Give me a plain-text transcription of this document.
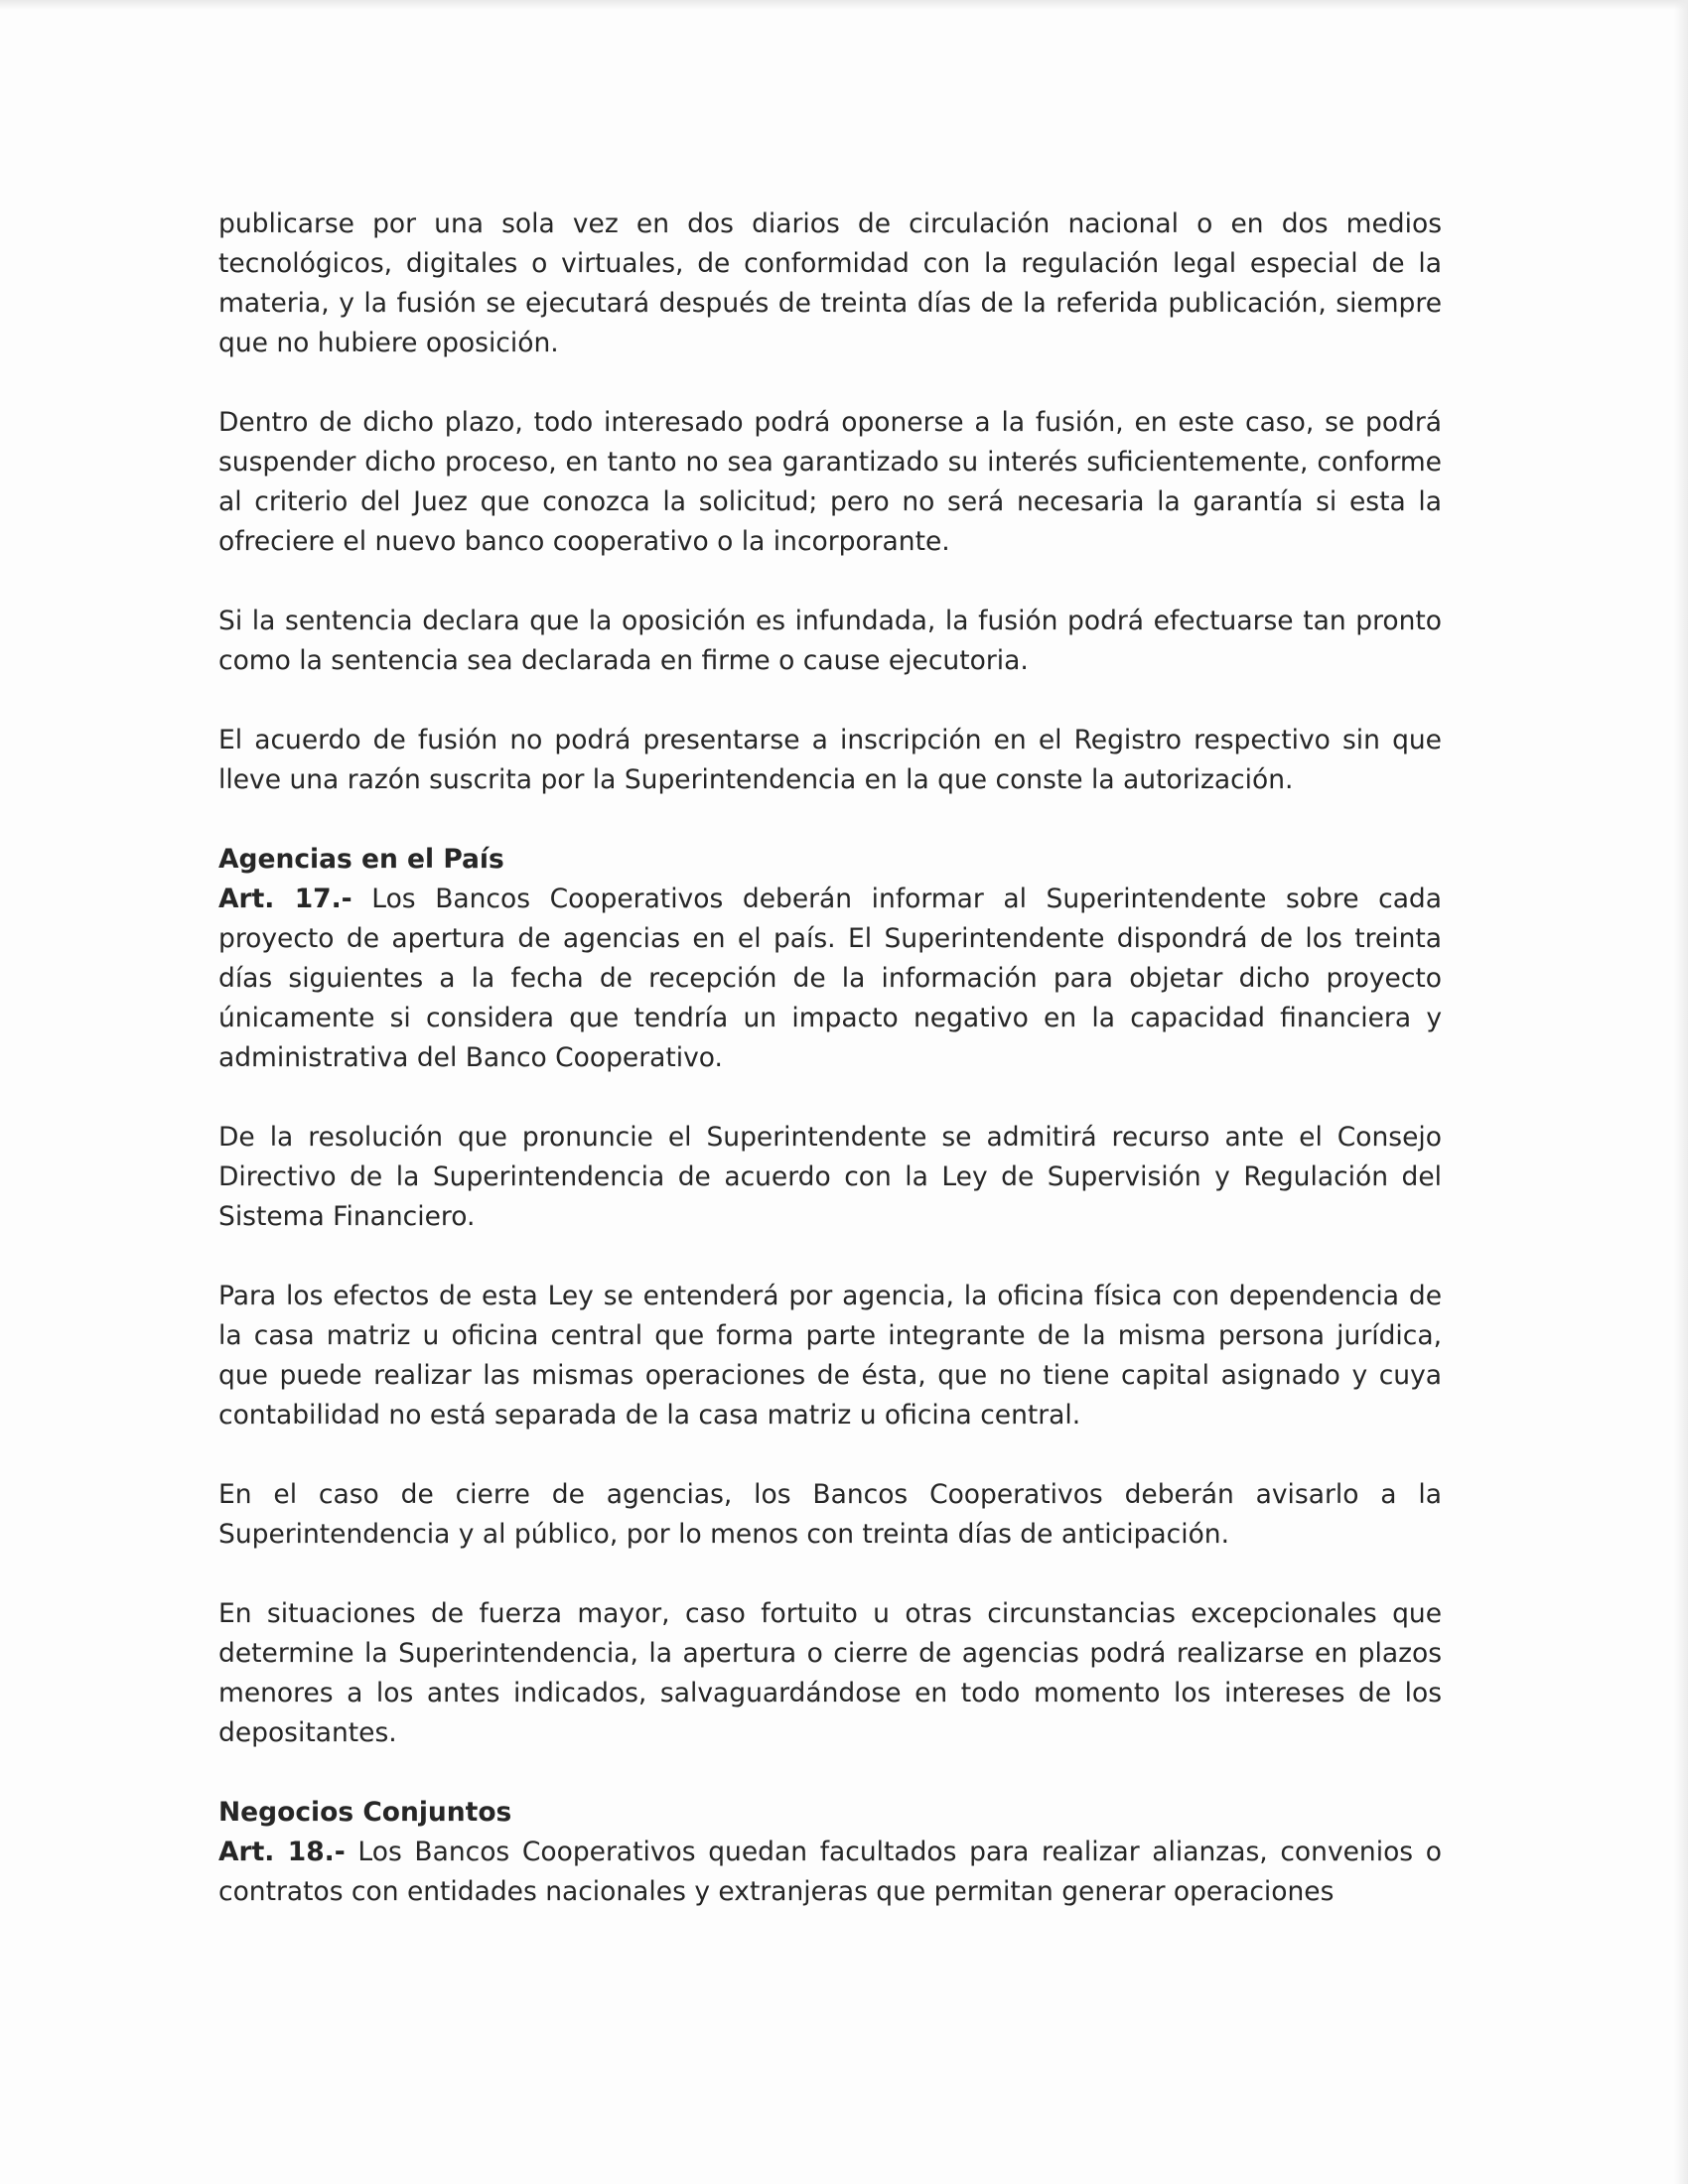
publicarse por una sola vez en dos diarios de circulación nacional o en dos medios tecnológicos, digitales o virtuales, de conformidad con la regulación legal especial de la materia, y la fusión se ejecutará después de treinta días de la referida publicación, siempre que no hubiere oposición.

Dentro de dicho plazo, todo interesado podrá oponerse a la fusión, en este caso, se podrá suspender dicho proceso, en tanto no sea garantizado su interés suficientemente, conforme al criterio del Juez que conozca la solicitud; pero no será necesaria la garantía si esta la ofreciere el nuevo banco cooperativo o la incorporante.

Si la sentencia declara que la oposición es infundada, la fusión podrá efectuarse tan pronto como la sentencia sea declarada en firme o cause ejecutoria.

El acuerdo de fusión no podrá presentarse a inscripción en el Registro respectivo sin que lleve una razón suscrita por la Superintendencia en la que conste la autorización.

Agencias en el País

Art. 17.- Los Bancos Cooperativos deberán informar al Superintendente sobre cada proyecto de apertura de agencias en el país. El Superintendente dispondrá de los treinta días siguientes a la fecha de recepción de la información para objetar dicho proyecto únicamente si considera que tendría un impacto negativo en la capacidad financiera y administrativa del Banco Cooperativo.

De la resolución que pronuncie el Superintendente se admitirá recurso ante el Consejo Directivo de la Superintendencia de acuerdo con la Ley de Supervisión y Regulación del Sistema Financiero.

Para los efectos de esta Ley se entenderá por agencia, la oficina física con dependencia de la casa matriz u oficina central que forma parte integrante de la misma persona jurídica, que puede realizar las mismas operaciones de ésta, que no tiene capital asignado y cuya contabilidad no está separada de la casa matriz u oficina central.

En el caso de cierre de agencias, los Bancos Cooperativos deberán avisarlo a la Superintendencia y al público, por lo menos con treinta días de anticipación.

En situaciones de fuerza mayor, caso fortuito u otras circunstancias excepcionales que determine la Superintendencia, la apertura o cierre de agencias podrá realizarse en plazos menores a los antes indicados, salvaguardándose en todo momento los intereses de los depositantes.

Negocios Conjuntos

Art. 18.- Los Bancos Cooperativos quedan facultados para realizar alianzas, convenios o contratos con entidades nacionales y extranjeras que permitan generar operaciones
